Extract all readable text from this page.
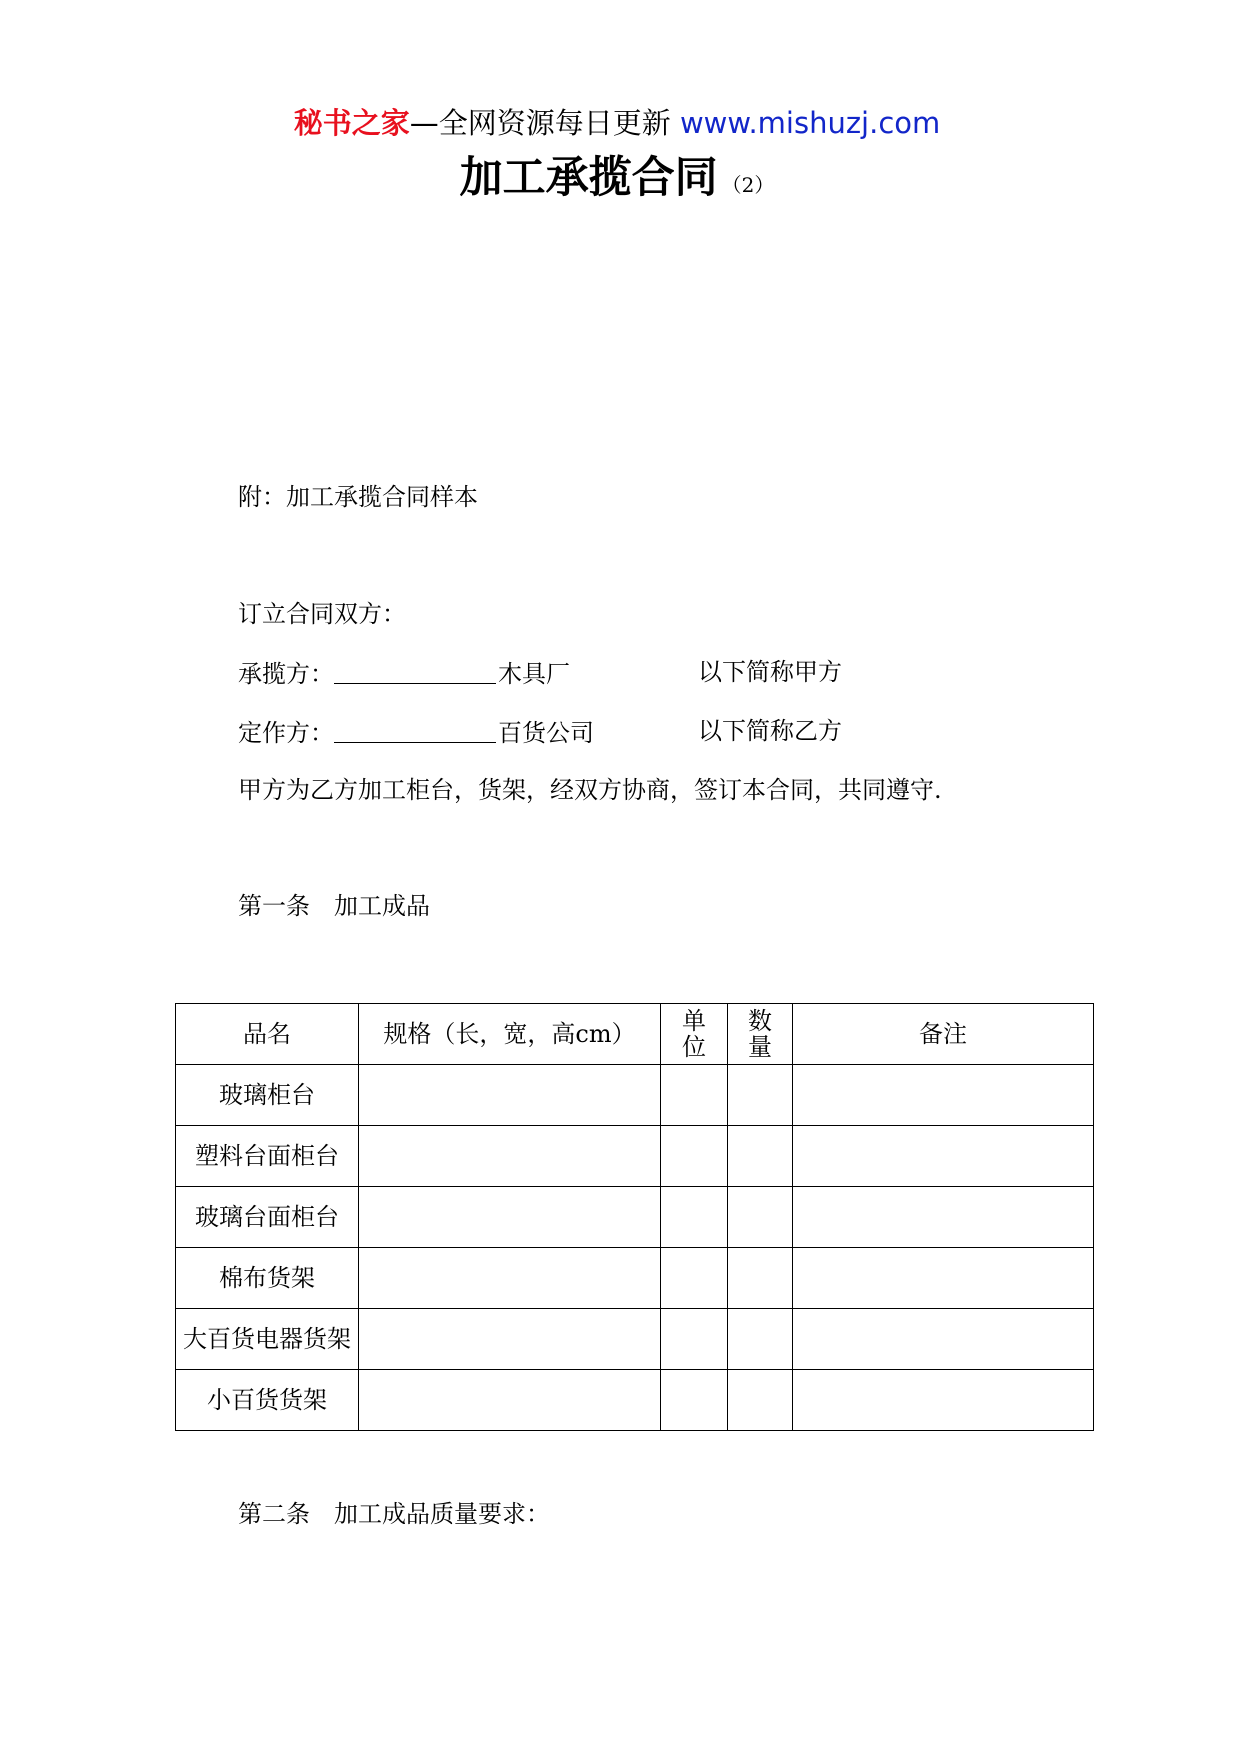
秘书之家—全网资源每日更新 www.mishuzj.com
加工承揽合同 （2）
附：加工承揽合同样本
订立合同双方：
承揽方：	木具厂	以下简称甲方
定作方：	百货公司	以下简称乙方
甲方为乙方加工柜台，货架，经双方协商，签订本合同，共同遵守.
第一条　加工成品
品名	规格（长，宽，高cm）	单位	数量	备注
玻璃柜台				
塑料台面柜台				
玻璃台面柜台				
棉布货架				
大百货电器货架				
小百货货架				
第二条　加工成品质量要求：
